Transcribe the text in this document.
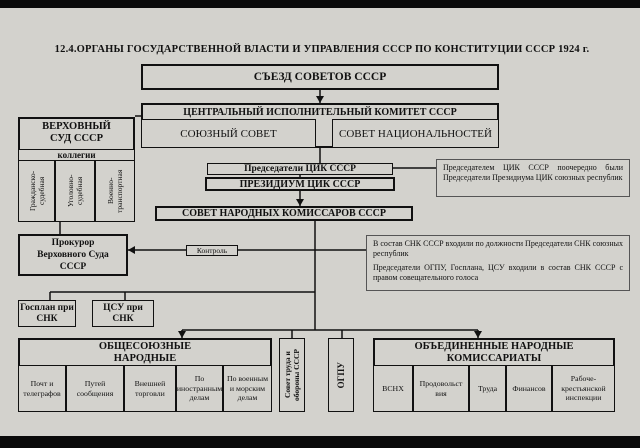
12.4.ОРГАНЫ ГОСУДАРСТВЕННОЙ ВЛАСТИ И УПРАВЛЕНИЯ СССР ПО КОНСТИТУЦИИ СССР 1924 г.
СЪЕЗД СОВЕТОВ СССР
ЦЕНТРАЛЬНЫЙ ИСПОЛНИТЕЛЬНЫЙ КОМИТЕТ СССР
СОЮЗНЫЙ СОВЕТ	СОВЕТ НАЦИОНАЛЬНОСТЕЙ
Председатели ЦИК СССР	Председателем ЦИК СССР поочередно были Председатели Президиума ЦИК союзных республик
ПРЕЗИДИУМ ЦИК СССР
СОВЕТ НАРОДНЫХ КОМИССАРОВ СССР
В состав СНК СССР входили по должности Председатели СНК союзных республик
Председатели ОГПУ, Госплана, ЦСУ входили в состав СНК СССР с правом совещательного голоса
ВЕРХОВНЫЙ СУД СССР
коллегии
Гражданско-судебная	Уголовно-судебная	Военно-транспортная
Прокурор Верховного Суда СССР
Контроль
Госплан при СНК
ЦСУ при СНК
ОБЩЕСОЮЗНЫЕ НАРОДНЫЕ
Почт и телеграфов
Путей сообщения
Внешней торговли
По иностранным делам
По военным и морским делам	Совет труда и обороны СССР	ОГПУ
ОБЪЕДИНЕННЫЕ НАРОДНЫЕ КОМИССАРИАТЫ
ВСНХ
Продовольствия
Труда Финансов
Рабоче-крестьянской инспекции
